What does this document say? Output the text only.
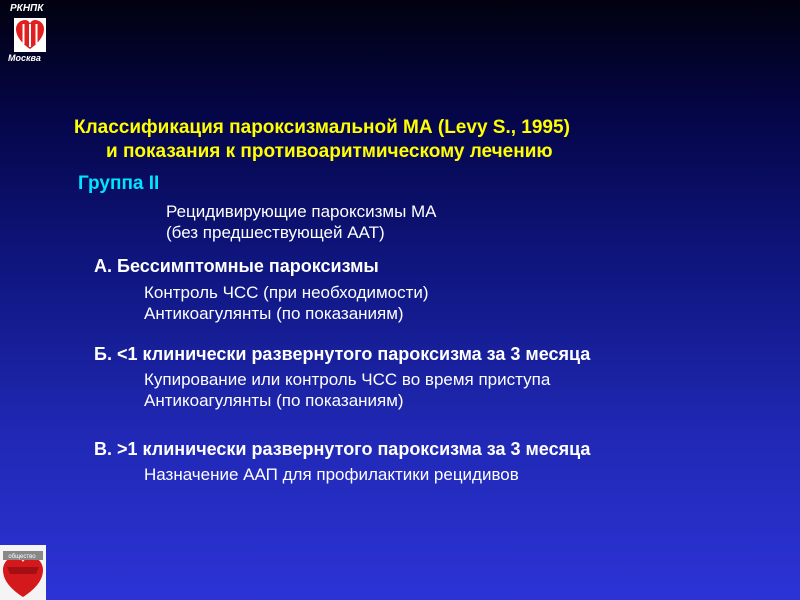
РКНПК
Москва
Классификация пароксизмальной МА (Levy S., 1995)
и показания к противоаритмическому лечению
Группа II
Рецидивирующие пароксизмы МА
(без предшествующей ААТ)
А. Бессимптомные пароксизмы
Контроль ЧСС (при необходимости)
Антикоагулянты (по показаниям)
Б. <1 клинически развернутого пароксизма за 3 месяца
Купирование или контроль ЧСС во время приступа
Антикоагулянты (по показаниям)
В. >1 клинически развернутого пароксизма за 3 месяца
Назначение ААП для профилактики рецидивов
общество
